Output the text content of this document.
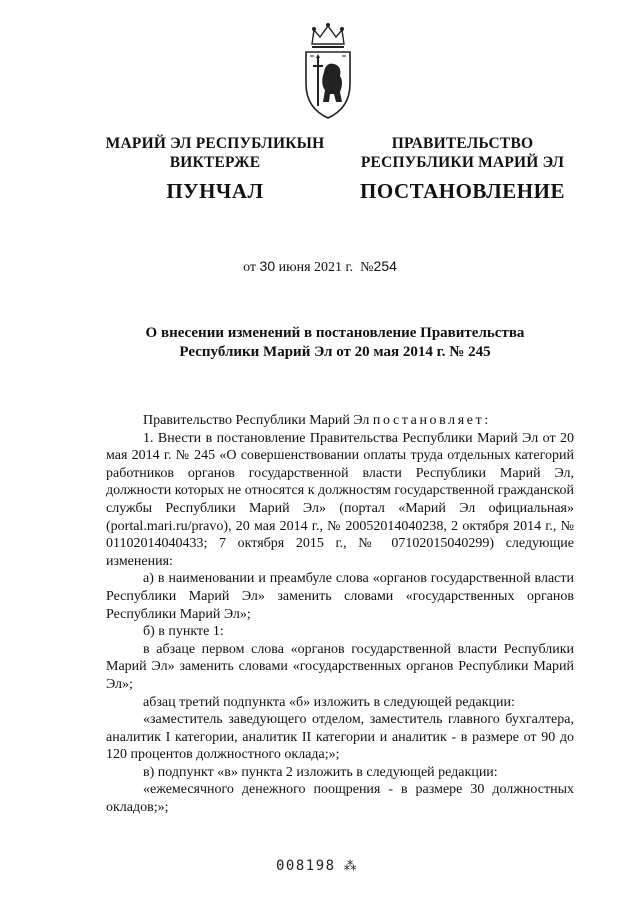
МАРИЙ ЭЛ РЕСПУБЛИКЫН
ВИКТЕРЖЕ
ПУНЧАЛ
ПРАВИТЕЛЬСТВО
РЕСПУБЛИКИ МАРИЙ ЭЛ
ПОСТАНОВЛЕНИЕ
от 30 июня 2021 г. №254
О внесении изменений в постановление Правительства
Республики Марий Эл от 20 мая 2014 г. № 245

Правительство Республики Марий Эл постановляет:

1. Внести в постановление Правительства Республики Марий Эл от 20 мая 2014 г. № 245 «О совершенствовании оплаты труда отдельных категорий работников органов государственной власти Республики Марий Эл, должности которых не относятся к должностям государственной гражданской службы Республики Марий Эл» (портал «Марий Эл официальная» (portal.mari.ru/pravo), 20 мая 2014 г., № 20052014040238, 2 октября 2014 г., № 01102014040433; 7 октября 2015 г., № 07102015040299) следующие изменения:

а) в наименовании и преамбуле слова «органов государственной власти Республики Марий Эл» заменить словами «государственных органов Республики Марий Эл»;

б) в пункте 1:

в абзаце первом слова «органов государственной власти Республики Марий Эл» заменить словами «государственных органов Республики Марий Эл»;

абзац третий подпункта «б» изложить в следующей редакции:

«заместитель заведующего отделом, заместитель главного бухгалтера, аналитик I категории, аналитик II категории и аналитик - в размере от 90 до 120 процентов должностного оклада;»;

в) подпункт «в» пункта 2 изложить в следующей редакции:

«ежемесячного денежного поощрения - в размере 30 должностных окладов;»;

008198 ⁂
